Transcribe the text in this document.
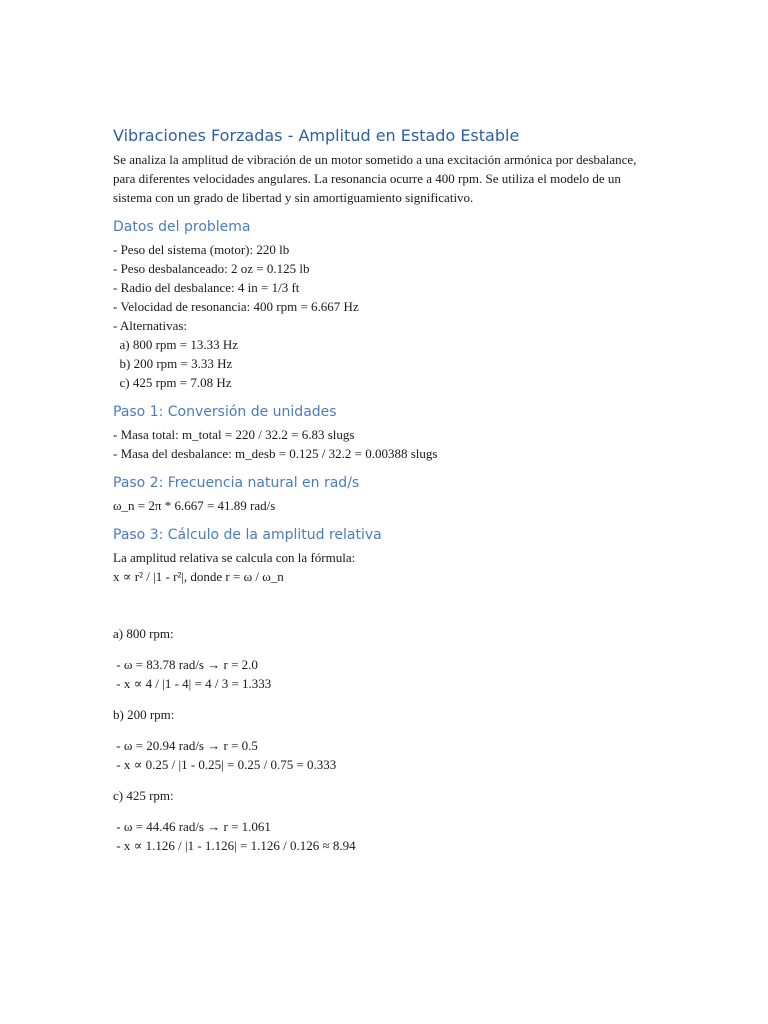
Vibraciones Forzadas - Amplitud en Estado Estable

Se analiza la amplitud de vibración de un motor sometido a una excitación armónica por desbalance, para diferentes velocidades angulares. La resonancia ocurre a 400 rpm. Se utiliza el modelo de un sistema con un grado de libertad y sin amortiguamiento significativo.

Datos del problema
- Peso del sistema (motor): 220 lb
- Peso desbalanceado: 2 oz = 0.125 lb
- Radio del desbalance: 4 in = 1/3 ft
- Velocidad de resonancia: 400 rpm = 6.667 Hz
- Alternativas:
a) 800 rpm = 13.33 Hz
b) 200 rpm = 3.33 Hz
c) 425 rpm = 7.08 Hz
Paso 1: Conversión de unidades
- Masa total: m_total = 220 / 32.2 = 6.83 slugs
- Masa del desbalance: m_desb = 0.125 / 32.2 = 0.00388 slugs
Paso 2: Frecuencia natural en rad/s
ω_n = 2π * 6.667 = 41.89 rad/s
Paso 3: Cálculo de la amplitud relativa
La amplitud relativa se calcula con la fórmula:
x ∝ r² / |1 - r²|, donde r = ω / ω_n
a) 800 rpm:
- ω = 83.78 rad/s → r = 2.0
- x ∝ 4 / |1 - 4| = 4 / 3 = 1.333
b) 200 rpm:
- ω = 20.94 rad/s → r = 0.5
- x ∝ 0.25 / |1 - 0.25| = 0.25 / 0.75 = 0.333
c) 425 rpm:
- ω = 44.46 rad/s → r = 1.061
- x ∝ 1.126 / |1 - 1.126| = 1.126 / 0.126 ≈ 8.94
